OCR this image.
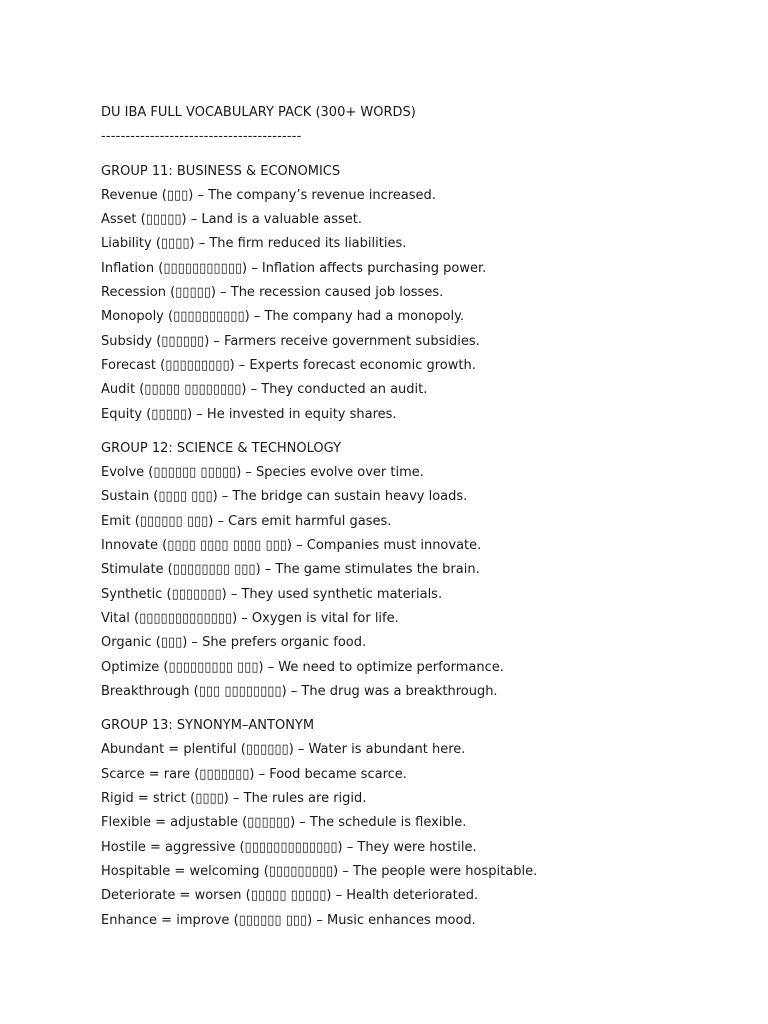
DU IBA FULL VOCABULARY PACK (300+ WORDS)
-----------------------------------------
GROUP 11: BUSINESS & ECONOMICS
Revenue (▯▯▯) – The company’s revenue increased.
Asset (▯▯▯▯▯) – Land is a valuable asset.
Liability (▯▯▯▯) – The firm reduced its liabilities.
Inflation (▯▯▯▯▯▯▯▯▯▯▯) – Inflation affects purchasing power.
Recession (▯▯▯▯▯) – The recession caused job losses.
Monopoly (▯▯▯▯▯▯▯▯▯▯) – The company had a monopoly.
Subsidy (▯▯▯▯▯▯) – Farmers receive government subsidies.
Forecast (▯▯▯▯▯▯▯▯▯) – Experts forecast economic growth.
Audit (▯▯▯▯▯ ▯▯▯▯▯▯▯▯) – They conducted an audit.
Equity (▯▯▯▯▯) – He invested in equity shares.
GROUP 12: SCIENCE & TECHNOLOGY
Evolve (▯▯▯▯▯▯ ▯▯▯▯▯) – Species evolve over time.
Sustain (▯▯▯▯ ▯▯▯) – The bridge can sustain heavy loads.
Emit (▯▯▯▯▯▯ ▯▯▯) – Cars emit harmful gases.
Innovate (▯▯▯▯ ▯▯▯▯ ▯▯▯▯ ▯▯▯) – Companies must innovate.
Stimulate (▯▯▯▯▯▯▯▯ ▯▯▯) – The game stimulates the brain.
Synthetic (▯▯▯▯▯▯▯) – They used synthetic materials.
Vital (▯▯▯▯▯▯▯▯▯▯▯▯▯) – Oxygen is vital for life.
Organic (▯▯▯) – She prefers organic food.
Optimize (▯▯▯▯▯▯▯▯▯ ▯▯▯) – We need to optimize performance.
Breakthrough (▯▯▯ ▯▯▯▯▯▯▯▯) – The drug was a breakthrough.
GROUP 13: SYNONYM–ANTONYM
Abundant = plentiful (▯▯▯▯▯▯) – Water is abundant here.
Scarce = rare (▯▯▯▯▯▯▯) – Food became scarce.
Rigid = strict (▯▯▯▯) – The rules are rigid.
Flexible = adjustable (▯▯▯▯▯▯) – The schedule is flexible.
Hostile = aggressive (▯▯▯▯▯▯▯▯▯▯▯▯▯) – They were hostile.
Hospitable = welcoming (▯▯▯▯▯▯▯▯▯) – The people were hospitable.
Deteriorate = worsen (▯▯▯▯▯ ▯▯▯▯▯) – Health deteriorated.
Enhance = improve (▯▯▯▯▯▯ ▯▯▯) – Music enhances mood.
